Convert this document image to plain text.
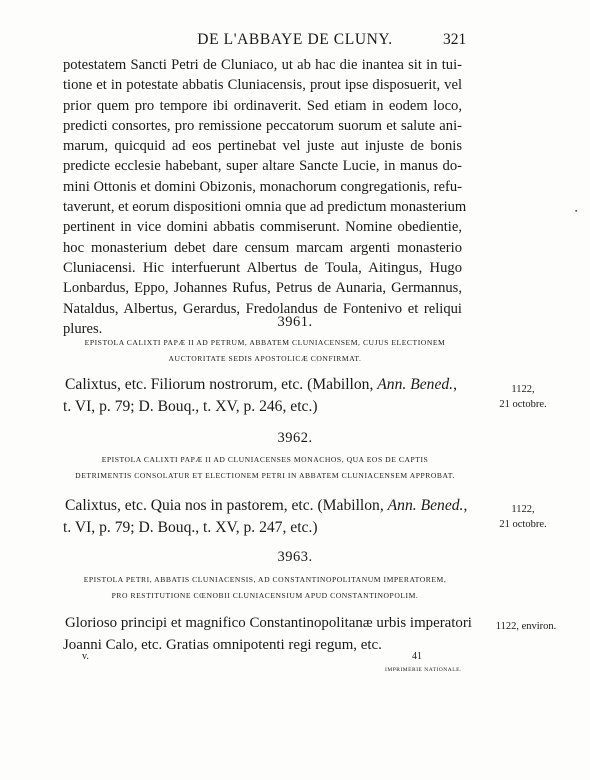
DE L'ABBAYE DE CLUNY.	321
potestatem Sancti Petri de Cluniaco, ut ab hac die inantea sit in tui-
tione et in potestate abbatis Cluniacensis, prout ipse disposuerit, vel
prior quem pro tempore ibi ordinaverit. Sed etiam in eodem loco,
predicti consortes, pro remissione peccatorum suorum et salute ani-
marum, quicquid ad eos pertinebat vel juste aut injuste de bonis
predicte ecclesie habebant, super altare Sancte Lucie, in manus do-
mini Ottonis et domini Obizonis, monachorum congregationis, refu-
taverunt, et eorum dispositioni omnia que ad predictum monasterium
pertinent in vice domini abbatis commiserunt. Nomine obedientie,
hoc monasterium debet dare censum marcam argenti monasterio
Cluniacensi. Hic interfuerunt Albertus de Toula, Aitingus, Hugo
Lonbardus, Eppo, Johannes Rufus, Petrus de Aunaria, Germannus,
Nataldus, Albertus, Gerardus, Fredolandus de Fontenivo et reliqui
plures.	3961.
EPISTOLA CALIXTI PAPÆ II AD PETRUM, ABBATEM CLUNIACENSEM, CUJUS ELECTIONEM
AUCTORITATE SEDIS APOSTOLICÆ CONFIRMAT.
Calixtus, etc. Filiorum nostrorum, etc. (Mabillon, Ann. Bened.,
t. VI, p. 79; D. Bouq., t. XV, p. 246, etc.)
1122,
21 octobre.
3962.
EPISTOLA CALIXTI PAPÆ II AD CLUNIACENSES MONACHOS, QUA EOS DE CAPTIS
DETRIMENTIS CONSOLATUR ET ELECTIONEM PETRI IN ABBATEM CLUNIACENSEM APPROBAT.
Calixtus, etc. Quia nos in pastorem, etc. (Mabillon, Ann. Bened.,
t. VI, p. 79; D. Bouq., t. XV, p. 247, etc.)
1122,
21 octobre.
3963.
EPISTOLA PETRI, ABBATIS CLUNIACENSIS, AD CONSTANTINOPOLITANUM IMPERATOREM,
PRO RESTITUTIONE CŒNOBII CLUNIACENSIUM APUD CONSTANTINOPOLIM.
Glorioso principi et magnifico Constantinopolitanæ urbis imperatori
Joanni Calo, etc. Gratias omnipotenti regi regum, etc.
1122, environ.
v.	41
IMPRIMERIE NATIONALE.
▪
